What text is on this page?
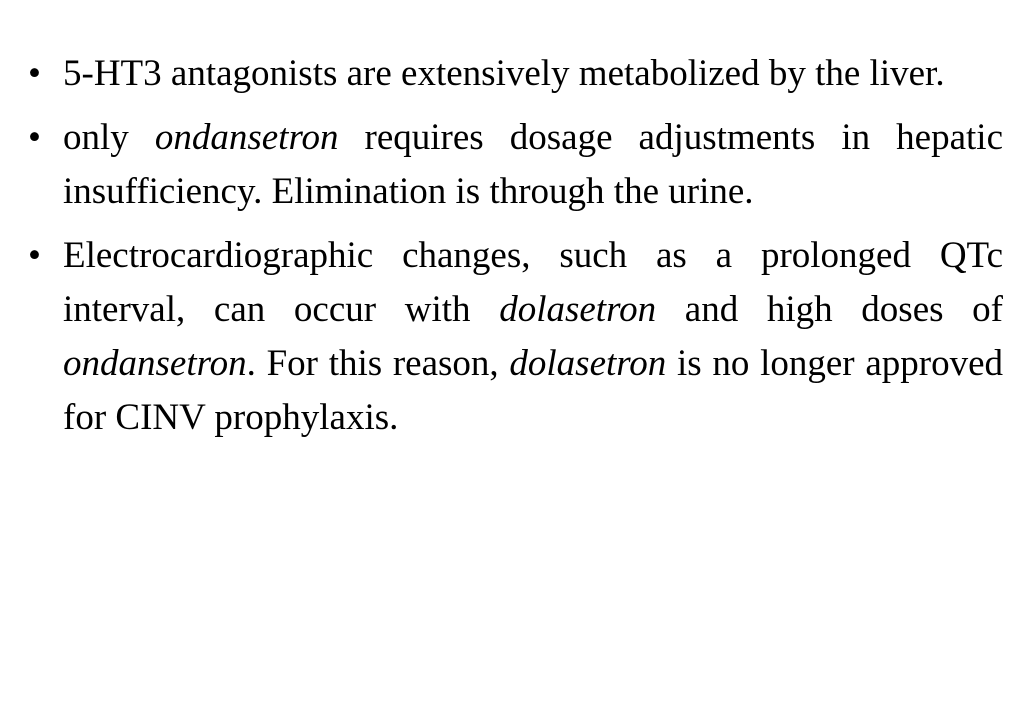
• 5-HT3 antagonists are extensively metabolized by the liver.
• only ondansetron requires dosage adjustments in hepatic insufficiency. Elimination is through the urine.
• Electrocardiographic changes, such as a prolonged QTc interval, can occur with dolasetron and high doses of ondansetron. For this reason, dolasetron is no longer approved for CINV prophylaxis.
